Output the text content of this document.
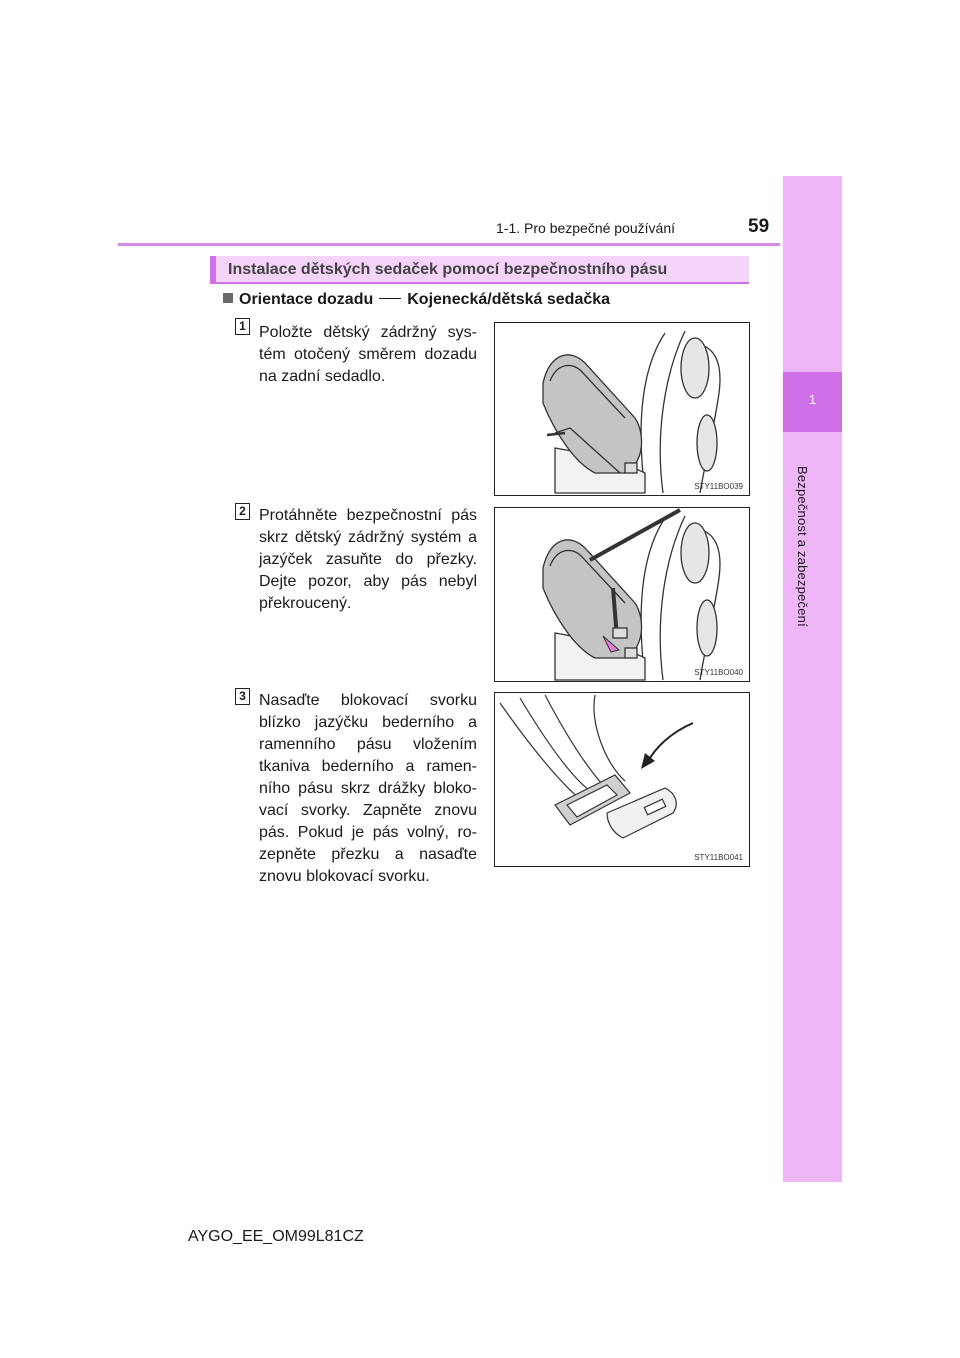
1-1. Pro bezpečné používání	59
1
Bezpečnost a zabezpečení
Instalace dětských sedaček pomocí bezpečnostního pásu
Orientace dozadu Kojenecká/dětská sedačka
1 Položte dětský zádržný sys-tém otočený směrem dozadu na zadní sedadlo.
STY11BO039
2 Protáhněte bezpečnostní pás skrz dětský zádržný systém a jazýček zasuňte do přezky. Dejte pozor, aby pás nebyl překroucený.
STY11BO040
3 Nasaďte blokovací svorku blízko jazýčku bederního a ramenního pásu vložením tkaniva bederního a ramen-ního pásu skrz drážky bloko-vací svorky. Zapněte znovu pás. Pokud je pás volný, ro-zepněte přezku a nasaďte znovu blokovací svorku.
STY11BO041
AYGO_EE_OM99L81CZ
